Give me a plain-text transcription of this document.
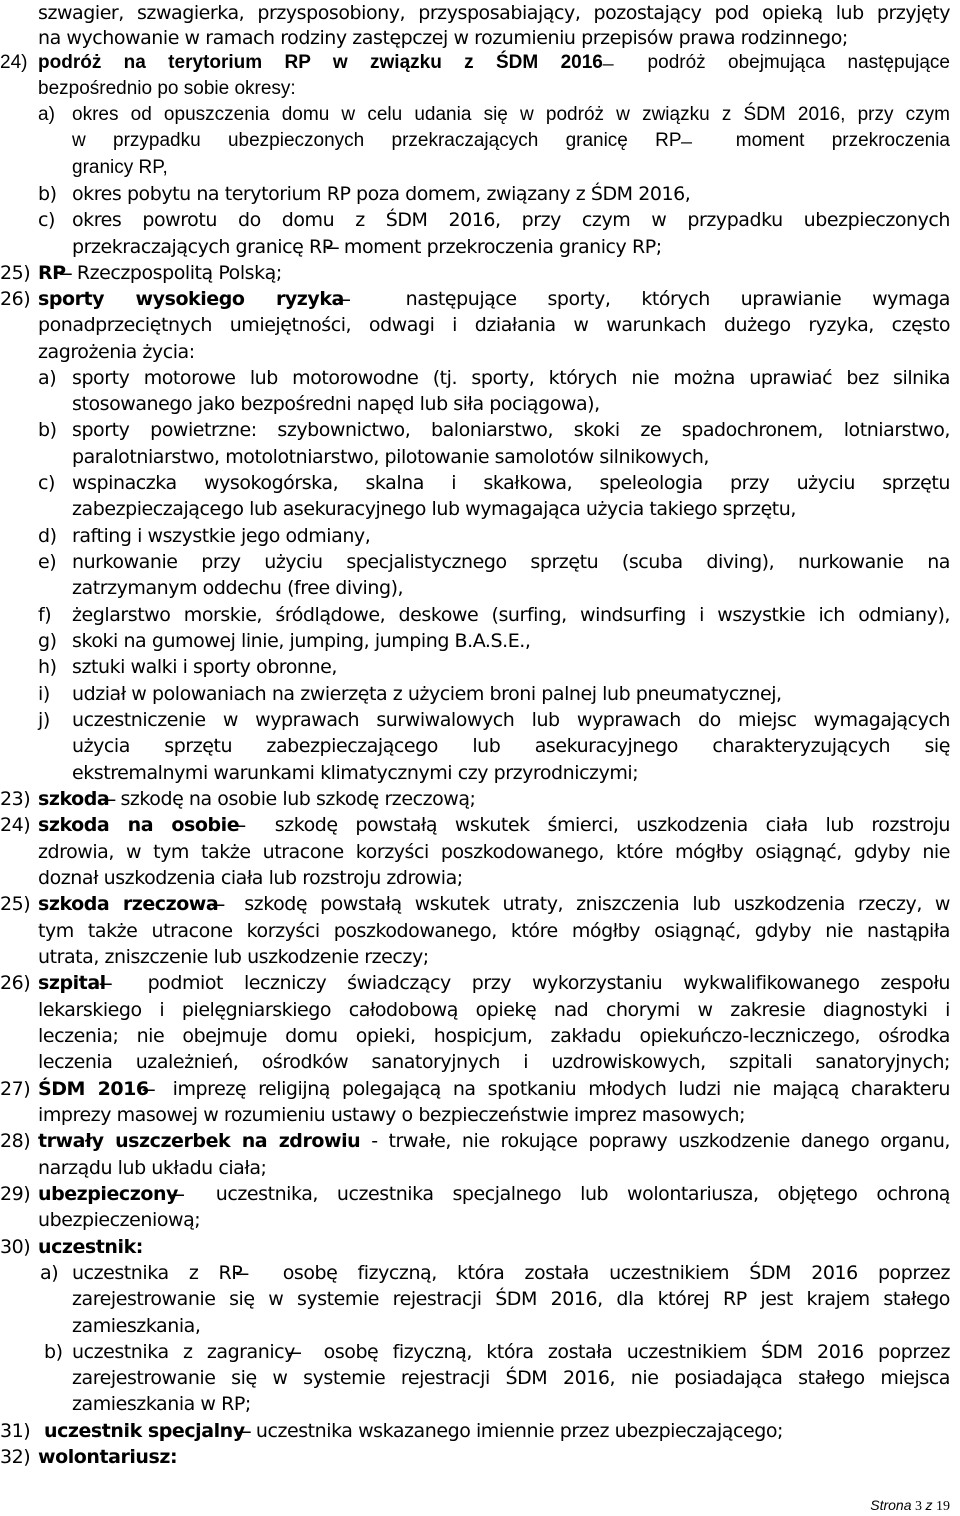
szwagier, szwagierka, przysposobiony, przysposabiający, pozostający pod opieką lub przyjęty
na wychowanie w ramach rodziny zastępczej w rozumieniu przepisów prawa rodzinnego;
24) podróż na terytorium RP w związku z ŚDM 2016 ̶ podróż obejmująca następujące
bezpośrednio po sobie okresy:
a) okres od opuszczenia domu w celu udania się w podróż w związku z ŚDM 2016, przy czym
w przypadku ubezpieczonych przekraczających granicę RP ̶ moment przekroczenia
granicy RP,
b) okres pobytu na terytorium RP poza domem, związany z ŚDM 2016,
c) okres powrotu do domu z ŚDM 2016, przy czym w przypadku ubezpieczonych
przekraczających granicę RP ̶ moment przekroczenia granicy RP;
25) RP ̶ Rzeczpospolitą Polską;
26) sporty wysokiego ryzyka ̶ następujące sporty, których uprawianie wymaga
ponadprzeciętnych umiejętności, odwagi i działania w warunkach dużego ryzyka, często
zagrożenia życia:
a) sporty motorowe lub motorowodne (tj. sporty, których nie można uprawiać bez silnika
stosowanego jako bezpośredni napęd lub siła pociągowa),
b) sporty powietrzne: szybownictwo, baloniarstwo, skoki ze spadochronem, lotniarstwo,
paralotniarstwo, motolotniarstwo, pilotowanie samolotów silnikowych,
c) wspinaczka wysokogórska, skalna i skałkowa, speleologia przy użyciu sprzętu
zabezpieczającego lub asekuracyjnego lub wymagająca użycia takiego sprzętu,
d) rafting i wszystkie jego odmiany,
e) nurkowanie przy użyciu specjalistycznego sprzętu (scuba diving), nurkowanie na
zatrzymanym oddechu (free diving),
f) żeglarstwo morskie, śródlądowe, deskowe (surfing, windsurfing i wszystkie ich odmiany),
g) skoki na gumowej linie, jumping, jumping B.A.S.E.,
h) sztuki walki i sporty obronne,
i) udział w polowaniach na zwierzęta z użyciem broni palnej lub pneumatycznej,
j) uczestniczenie w wyprawach surwiwalowych lub wyprawach do miejsc wymagających
użycia sprzętu zabezpieczającego lub asekuracyjnego charakteryzujących się
ekstremalnymi warunkami klimatycznymi czy przyrodniczymi;
23) szkoda ̶ szkodę na osobie lub szkodę rzeczową;
24) szkoda na osobie ̶ szkodę powstałą wskutek śmierci, uszkodzenia ciała lub rozstroju
zdrowia, w tym także utracone korzyści poszkodowanego, które mógłby osiągnąć, gdyby nie
doznał uszkodzenia ciała lub rozstroju zdrowia;
25) szkoda rzeczowa ̶ szkodę powstałą wskutek utraty, zniszczenia lub uszkodzenia rzeczy, w
tym także utracone korzyści poszkodowanego, które mógłby osiągnąć, gdyby nie nastąpiła
utrata, zniszczenie lub uszkodzenie rzeczy;
26) szpital ̶ podmiot leczniczy świadczący przy wykorzystaniu wykwalifikowanego zespołu
lekarskiego i pielęgniarskiego całodobową opiekę nad chorymi w zakresie diagnostyki i
leczenia; nie obejmuje domu opieki, hospicjum, zakładu opiekuńczo-leczniczego, ośrodka
leczenia uzależnień, ośrodków sanatoryjnych i uzdrowiskowych, szpitali sanatoryjnych;
27) ŚDM 2016 ̶ imprezę religijną polegającą na spotkaniu młodych ludzi nie mającą charakteru
imprezy masowej w rozumieniu ustawy o bezpieczeństwie imprez masowych;
28) trwały uszczerbek na zdrowiu - trwałe, nie rokujące poprawy uszkodzenie danego organu,
narządu lub układu ciała;
29) ubezpieczony ̶ uczestnika, uczestnika specjalnego lub wolontariusza, objętego ochroną
ubezpieczeniową;
30) uczestnik:
a) uczestnika z RP ̶ osobę fizyczną, która została uczestnikiem ŚDM 2016 poprzez
zarejestrowanie się w systemie rejestracji ŚDM 2016, dla której RP jest krajem stałego
zamieszkania,
b) uczestnika z zagranicy ̶ osobę fizyczną, która została uczestnikiem ŚDM 2016 poprzez
zarejestrowanie się w systemie rejestracji ŚDM 2016, nie posiadająca stałego miejsca
zamieszkania w RP;
31) uczestnik specjalny ̶ uczestnika wskazanego imiennie przez ubezpieczającego;
32) wolontariusz:
Strona 3 z 19
